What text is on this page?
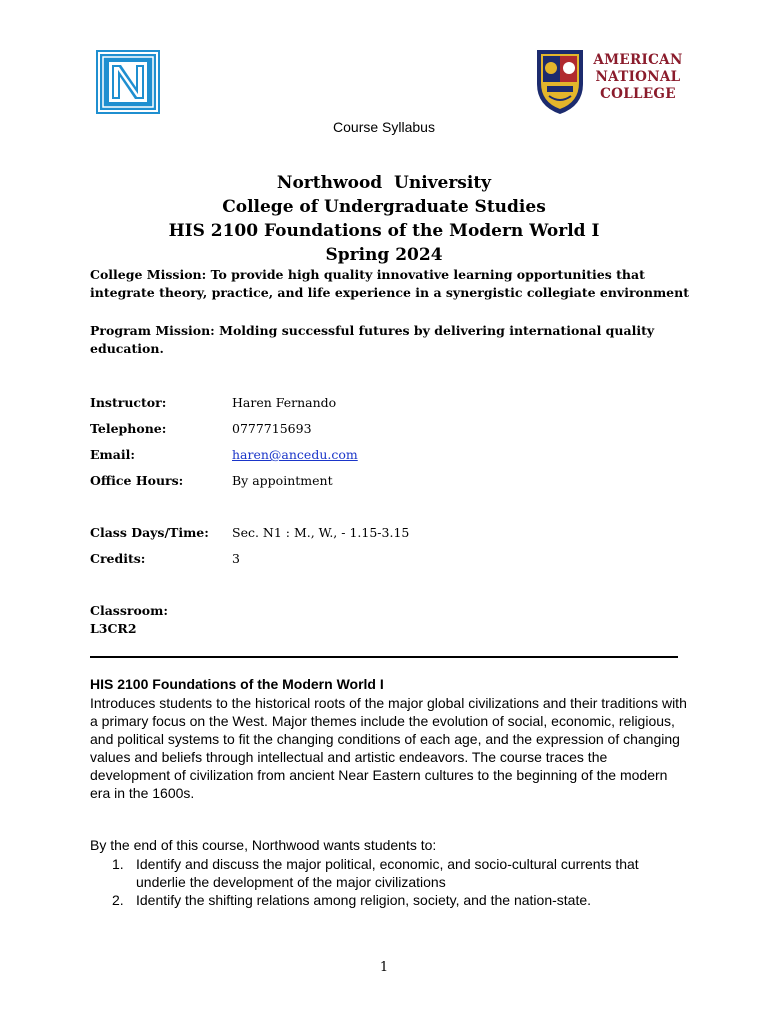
AMERICAN
NATIONAL
COLLEGE
Course Syllabus
Northwood  University
College of Undergraduate Studies
HIS 2100 Foundations of the Modern World I
Spring 2024
College Mission: To provide high quality innovative learning opportunities that integrate theory, practice, and life experience in a synergistic collegiate environment
Program Mission: Molding successful futures by delivering international quality education.
Instructor:	Haren Fernando
Telephone:	0777715693
Email:	haren@ancedu.com
Office Hours:	By appointment
Class Days/Time: Sec. N1 : M., W., - 1.15-3.15
Credits:	3
Classroom:
L3CR2
HIS 2100 Foundations of the Modern World I
Introduces students to the historical roots of the major global civilizations and their traditions with a primary focus on the West. Major themes include the evolution of social, economic, religious, and political systems to fit the changing conditions of each age, and the expression of changing values and beliefs through intellectual and artistic endeavors. The course traces the development of civilization from ancient Near Eastern cultures to the beginning of the modern era in the 1600s.
By the end of this course, Northwood wants students to:
1. Identify and discuss the major political, economic, and socio-cultural currents that underlie the development of the major civilizations
2. Identify the shifting relations among religion, society, and the nation-state.
1
